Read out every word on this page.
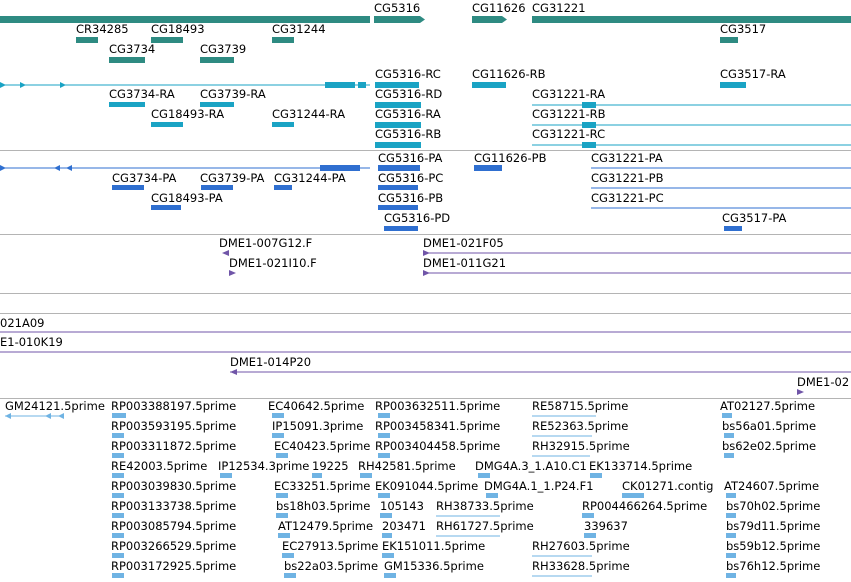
CG5316	CG11626 CG31221
CR34285 CG18493	CG31244	CG3517
CG3734	CG3739
CG5316-RC	CG11626-RB	CG3517-RA
CG3734-RA CG3739-RA	CG5316-RD	CG31221-RA
CG18493-RA	CG31244-RA	CG5316-RA	CG31221-RB
CG5316-RB	CG31221-RC
CG5316-PA	CG11626-PB	CG31221-PA
CG3734-PA CG3739-PA CG31244-PA	CG5316-PC	CG31221-PB
CG18493-PA	CG5316-PB	CG31221-PC
CG5316-PD	CG3517-PA
DME1-007G12.F	DME1-021F05
DME1-021I10.F	DME1-011G21
021A09
E1-010K19
DME1-014P20
DME1-02
GM24121.5prime RP003388197.5prime	EC40642.5prime RP003632511.5prime	RE58715.5prime	AT02127.5prime
RP003593195.5prime	IP15091.3prime RP003458341.5prime	RE52363.5prime	bs56a01.5prime
RP003311872.5prime	EC40423.5prime RP003404458.5prime	RH32915.5prime	bs62e02.5prime
RE42003.5prime IP12534.3prime 19225 RH42581.5prime DMG4A.3_1.A10.C1 EK133714.5prime
RP003039830.5prime	EC33251.5prime EK091044.5prime DMG4A.1_1.P24.F1 CK01271.contig AT24607.5prime
RP003133738.5prime	bs18h03.5prime 105143 RH38733.5prime	RP004466264.5prime bs70h02.5prime
RP003085794.5prime	AT12479.5prime 203471 RH61727.5prime	339637	bs79d11.5prime
RP003266529.5prime	EC27913.5prime EK151011.5prime	RH27603.5prime	bs59b12.5prime
RP003172925.5prime	bs22a03.5prime GM15336.5prime	RH33628.5prime	bs76h12.5prime
